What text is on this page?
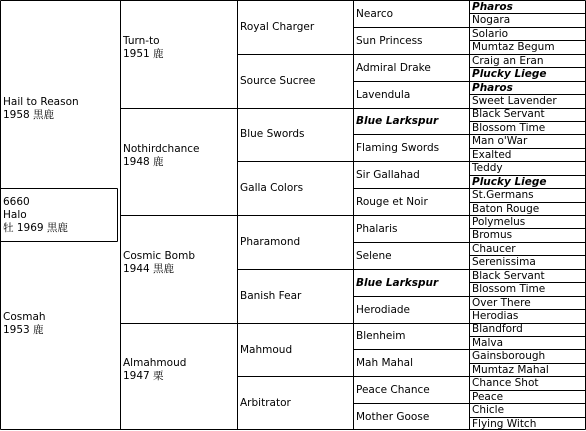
6660
Halo
牡 1969 黒鹿
Hail to Reason
1958 黒鹿
Cosmah
1953 鹿
Turn-to
1951 鹿
Nothirdchance
1948 鹿
Cosmic Bomb
1944 黒鹿
Almahmoud
1947 栗
Royal Charger
Source Sucree
Blue Swords
Galla Colors
Pharamond
Banish Fear
Mahmoud
Arbitrator
Nearco
Sun Princess
Admiral Drake
Lavendula
Blue Larkspur
Flaming Swords
Sir Gallahad
Rouge et Noir
Phalaris
Selene
Blue Larkspur
Herodiade
Blenheim
Mah Mahal
Peace Chance
Mother Goose
Pharos
Nogara
Solario
Mumtaz Begum
Craig an Eran
Plucky Liege
Pharos
Sweet Lavender
Black Servant
Blossom Time
Man o'War
Exalted
Teddy
Plucky Liege
St.Germans
Baton Rouge
Polymelus
Bromus
Chaucer
Serenissima
Black Servant
Blossom Time
Over There
Herodias
Blandford
Malva
Gainsborough
Mumtaz Mahal
Chance Shot
Peace
Chicle
Flying Witch
